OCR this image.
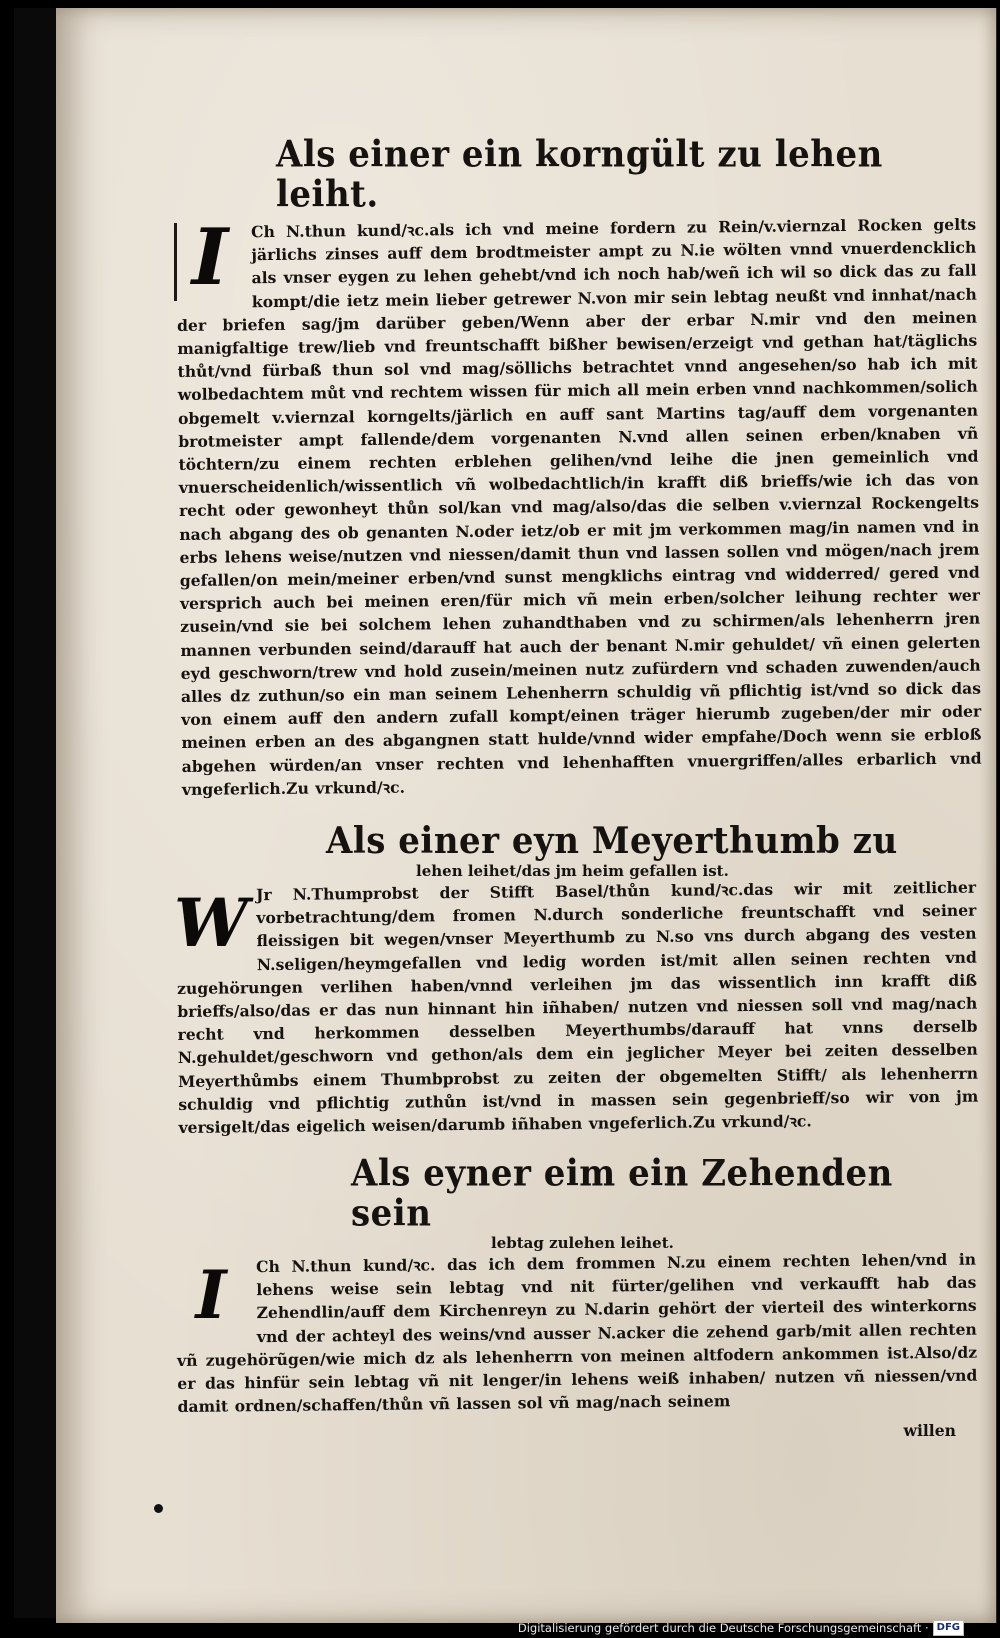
Als einer ein korngült zu lehen leiht.
I	Ch N.thun kund/ꝛc.als ich vnd meine fordern zu Rein/v.viernzal Rocken gelts järlichs zinses auff dem brodtmeister ampt zu N.ie wölten vnnd vnuerdencklich als vnser eygen zu lehen gehebt/vnd ich noch hab/weñ ich wil so dick das zu fall kompt/die ietz mein lieber getrewer N.von mir sein lebtag neußt vnd innhat/nach der briefen sag/jm darüber geben/Wenn aber der erbar N.mir vnd den meinen manigfaltige trew/lieb vnd freuntschafft bißher bewisen/erzeigt vnd gethan hat/täglichs thůt/vnd fürbaß thun sol vnd mag/söllichs betrachtet vnnd angesehen/so hab ich mit wolbedachtem můt vnd rechtem wissen für mich all mein erben vnnd nachkommen/solich obgemelt v.viernzal korngelts/järlich en auff sant Martins tag/auff dem vorgenanten brotmeister ampt fallende/dem vorgenanten N.vnd allen seinen erben/knaben vñ töchtern/zu einem rechten erblehen gelihen/vnd leihe die jnen gemeinlich vnd vnuerscheidenlich/wissentlich vñ wolbedachtlich/in krafft diß brieffs/wie ich das von recht oder gewonheyt thůn sol/kan vnd mag/also/das die selben v.viernzal Rockengelts nach abgang des ob genanten N.oder ietz/ob er mit jm verkommen mag/in namen vnd in erbs lehens weise/nutzen vnd niessen/damit thun vnd lassen sollen vnd mögen/nach jrem gefallen/on mein/meiner erben/vnd sunst mengklichs eintrag vnd widderred/ gered vnd versprich auch bei meinen eren/für mich vñ mein erben/solcher leihung rechter wer zusein/vnd sie bei solchem lehen zuhandthaben vnd zu schirmen/als lehenherrn jren mannen verbunden seind/darauff hat auch der benant N.mir gehuldet/ vñ einen gelerten eyd geschworn/trew vnd hold zusein/meinen nutz zufürdern vnd schaden zuwenden/auch alles dz zuthun/so ein man seinem Lehenherrn schuldig vñ pflichtig ist/vnd so dick das von einem auff den andern zufall kompt/einen träger hierumb zugeben/der mir oder meinen erben an des abgangnen statt hulde/vnnd wider empfahe/Doch wenn sie erbloß abgehen würden/an vnser rechten vnd lehenhafften vnuergriffen/alles erbarlich vnd vngeferlich.Zu vrkund/ꝛc.

Als einer eyn Meyerthumb zu
lehen leihet/das jm heim gefallen ist.
W Jr N.Thumprobst der Stifft Basel/thůn kund/ꝛc.das wir mit zeitlicher vorbetrachtung/dem fromen N.durch sonderliche freuntschafft vnd seiner fleissigen bit wegen/vnser Meyerthumb zu N.so vns durch abgang des vesten N.seligen/heymgefallen vnd ledig worden ist/mit allen seinen rechten vnd zugehörungen verlihen haben/vnnd verleihen jm das wissentlich inn krafft diß brieffs/also/das er das nun hinnant hin iñhaben/ nutzen vnd niessen soll vnd mag/nach recht vnd herkommen desselben Meyerthumbs/darauff hat vnns derselb N.gehuldet/geschworn vnd gethon/als dem ein jeglicher Meyer bei zeiten desselben Meyerthůmbs einem Thumbprobst zu zeiten der obgemelten Stifft/ als lehenherrn schuldig vnd pflichtig zuthůn ist/vnd in massen sein gegenbrieff/so wir von jm versigelt/das eigelich weisen/darumb iñhaben vngeferlich.Zu vrkund/ꝛc.

Als eyner eim ein Zehenden sein
lebtag zulehen leihet.
I	Ch N.thun kund/ꝛc. das ich dem frommen N.zu einem rechten lehen/vnd in lehens weise sein lebtag vnd nit fürter/gelihen vnd verkaufft hab das Zehendlin/auff dem Kirchenreyn zu N.darin gehört der vierteil des winterkorns vnd der achteyl des weins/vnd ausser N.acker die zehend garb/mit allen rechten vñ zugehörũgen/wie mich dz als lehenherrn von meinen altfodern ankommen ist.Also/dz er das hinfür sein lebtag vñ nit lenger/in lehens weiß inhaben/ nutzen vñ niessen/vnd damit ordnen/schaffen/thůn vñ lassen sol vñ mag/nach seinem

willen
Digitalisierung gefördert durch die Deutsche Forschungsgemeinschaft · DFG
